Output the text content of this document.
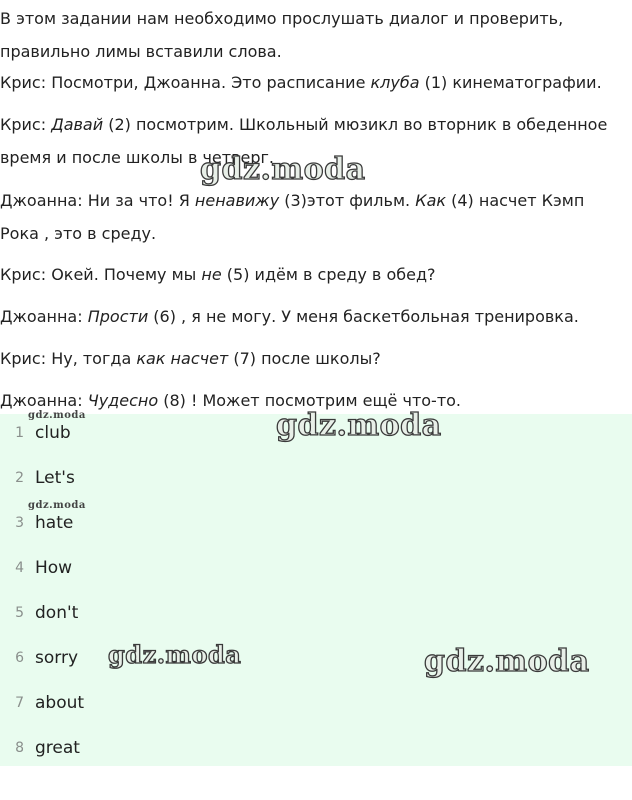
В этом задании нам необходимо прослушать диалог и проверить, правильно лимы вставили слова.
Крис: Посмотри, Джоанна. Это расписание клуба (1) кинематографии.
Крис: Давай (2) посмотрим. Школьный мюзикл во вторник в обеденное время и после школы в четверг.
Джоанна: Ни за что! Я ненавижу (3)этот фильм. Как (4) насчет Кэмп Рока , это в среду.
Крис: Окей. Почему мы не (5) идём в среду в обед?
Джоанна: Прости (6) , я не могу. У меня баскетбольная тренировка.
Крис: Ну, тогда как насчет (7) после школы?
Джоанна: Чудесно (8) ! Может посмотрим ещё что-то.
1 club
2 Let's
3 hate
4 How
5 don't
6 sorry
7 about
8 great
gdz.moda
gdz.moda
gdz.moda	gdz.moda
gdz.moda
gdz.moda
